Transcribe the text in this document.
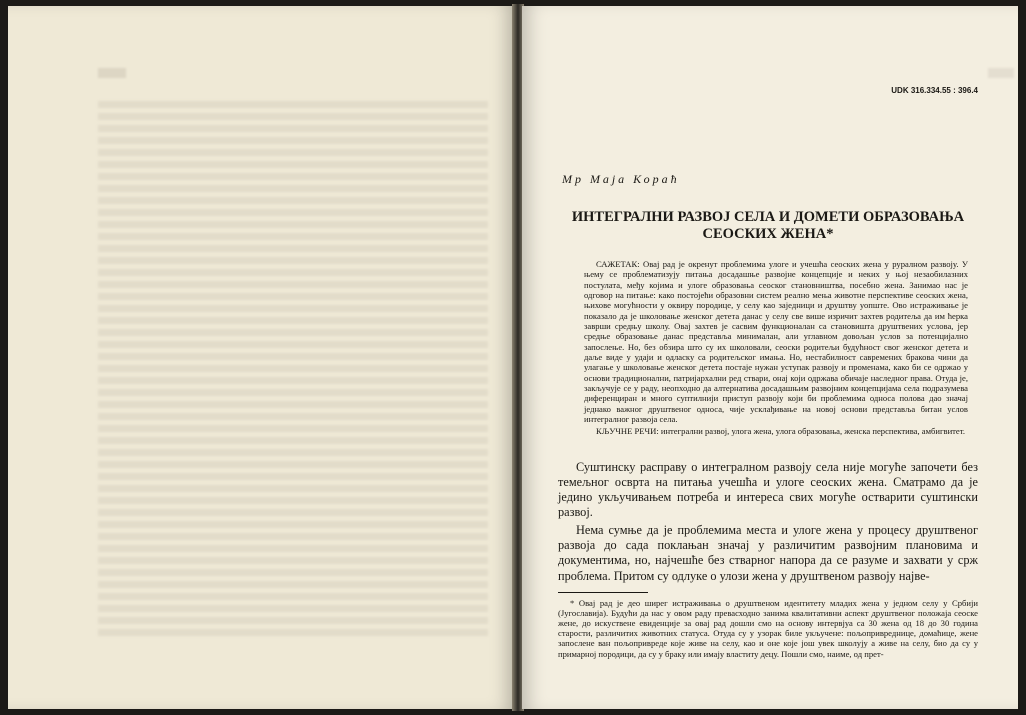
UDK 316.334.55 : 396.4
Мр Маја Кораћ
ИНТЕГРАЛНИ РАЗВОЈ СЕЛА И ДОМЕТИ ОБРАЗОВАЊА
СЕОСКИХ ЖЕНА*

САЖЕТАК: Овај рад је окренут проблемима улоге и учешћа сеоских жена у руралном развоју. У њему се проблематизују питања досадашње развојне концепције и неких у њој незаобилазних постулата, међу којима и улоге образовања сеоског становништва, посебно жена. Занимао нас је одговор на питање: како постојећи образовни систем реално мења животне перспективе сеоских жена, њихове могућности у оквиру породице, у селу као заједници и друштву уопште. Ово истраживање је показало да је школовање женског детета данас у селу све више изричит захтев родитеља да им ћерка заврши средњу школу. Овај захтев је сасвим функционалан са становишта друштвених услова, јер средње образовање данас представља минималан, али углавном довољан услов за потенцијално запослење. Но, без обзира што су их школовали, сеоски родитељи будућност свог женског детета и даље виде у удаји и одласку са родитељског имања. Но, нестабилност савремених бракова чини да улагање у школовање женског детета постаје нужан уступак развоју и променама, како би се одржао у основи традиционални, патријархални ред ствари, онај који одржава обичаје наследног права. Отуда је, закључује се у раду, неопходно да алтернатива досадашњим развојним концепцијама села подразумева диференциран и много суптилнији приступ развоју који би проблемима односа полова дао значај једнако важног друштвеног односа, чије усклађивање на новој основи представља битан услов интегралног развоја села.

КЉУЧНЕ РЕЧИ: интегрални развој, улога жена, улога образовања, женска перспектива, амбигвитет.

Суштинску расправу о интегралном развоју села није могуће започети без темељног осврта на питања учешћа и улоге сеоских жена. Сматрамо да је једино укључивањем потреба и интереса свих могуће остварити суштински развој.

Нема сумње да је проблемима места и улоге жена у процесу друштвеног развоја до сада поклањан значај у различитим развојним плановима и документима, но, најчешће без стварног напора да се разуме и захвати у срж проблема. Притом су одлуке о улози жена у друштвеном развоју најве-

* Овај рад је део ширег истраживања о друштвеном идентитету младих жена у једном селу у Србији (Југославија). Будући да нас у овом раду превасходно занима квалитативни аспект друштвеног положаја сеоске жене, до искуствене евиденције за овај рад дошли смо на основу интервјуа са 30 жена од 18 до 30 година старости, различитих животних статуса. Отуда су у узорак биле укључене: пољопривреднице, домаћице, жене запослене ван пољопривреде које живе на селу, као и оне које још увек школују а живе на селу, био да су у примарној породици, да су у браку или имају властиту децу. Пошли смо, наиме, од прет-
